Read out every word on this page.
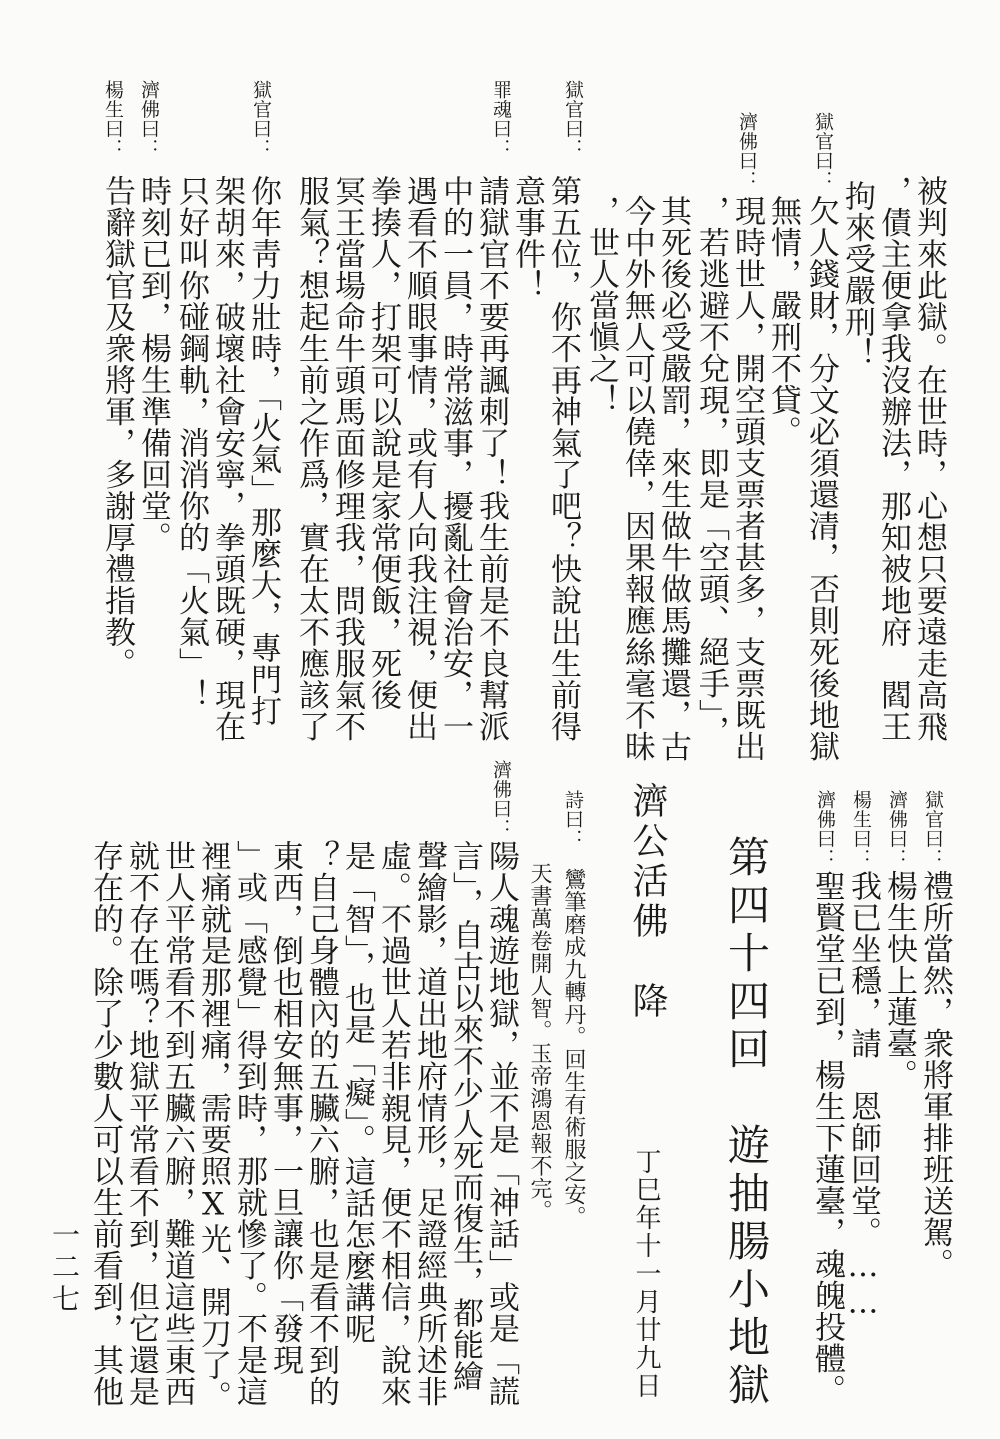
獄官曰：
濟佛曰：
獄官曰：
罪魂曰：
獄官曰：
濟佛曰：
楊生曰：
被判來此獄。在世時，心想只要遠走高飛
，債主便拿我沒辦法，那知被地府　閻王
拘來受嚴刑！
欠人錢財，分文必須還清，否則死後地獄
無情，嚴刑不貸。
現時世人，開空頭支票者甚多，支票既出
，若逃避不兌現，即是「空頭、絕手」，
其死後必受嚴罰，來生做牛做馬攤還，古
今中外無人可以僥倖，因果報應絲毫不昧
，世人當愼之！
第五位，你不再神氣了吧？快說出生前得
意事件！
請獄官不要再諷刺了！我生前是不良幫派
中的一員，時常滋事，擾亂社會治安，一
遇看不順眼事情，或有人向我注視，便出
拳揍人，打架可以說是家常便飯，死後
冥王當場命牛頭馬面修理我，問我服氣不
服氣？想起生前之作爲，實在太不應該了
你年靑力壯時，「火氣」那麼大，專門打
架胡來，破壞社會安寧，拳頭既硬，現在
只好叫你碰鋼軌，消消你的「火氣」！
時刻已到，楊生準備回堂。
告辭獄官及衆將軍，多謝厚禮指教。
獄官曰：
濟佛曰：
楊生曰：
濟佛曰：
詩曰：
濟佛曰：
禮所當然，衆將軍排班送駕。
楊生快上蓮臺。
我已坐穩，請　恩師回堂。……
聖賢堂已到，楊生下蓮臺，魂魄投體。
第四十四回　遊抽腸小地獄
濟公活佛　降
丁巳年十一月廿九日
鸞筆磨成九轉丹。回生有術服之安。
天書萬卷開人智。玉帝鴻恩報不完。
陽人魂遊地獄，並不是「神話」或是「謊
言」，自古以來不少人死而復生，都能繪
聲繪影，道出地府情形，足證經典所述非
虛。不過世人若非親見，便不相信，說來
是「智」，也是「癡」。這話怎麼講呢
？自己身體內的五臟六腑，也是看不到的
東西，倒也相安無事，一旦讓你「發現
」或「感覺」得到時，那就慘了。不是這
裡痛就是那裡痛，需要照X光、開刀了。
世人平常看不到五臟六腑，難道這些東西
就不存在嗎？地獄平常看不到，但它還是
存在的。除了少數人可以生前看到，其他
一二七
